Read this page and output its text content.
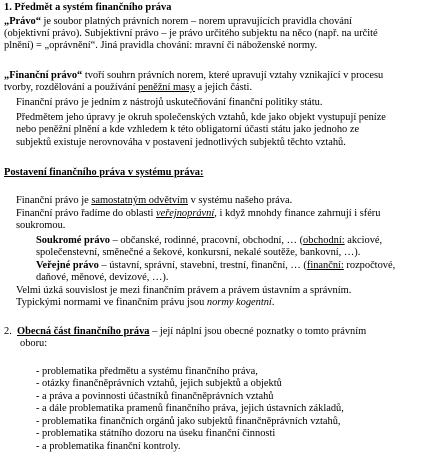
1. Předmět a systém finančního práva
„Právo“ je soubor platných právních norem – norem upravujících pravidla chování
(objektivní právo). Subjektivní právo – je právo určitého subjektu na něco (např. na určité
plnění) = „oprávnění“. Jiná pravidla chování: mravní či náboženské normy.
„Finanční právo“ tvoří souhrn právních norem, které upravují vztahy vznikající v procesu
tvorby, rozdělování a používání peněžní masy a jejich části.
Finanční právo je jedním z nástrojů uskutečňování finanční politiky státu.
Předmětem jeho úpravy je okruh společenských vztahů, kde jako objekt vystupují peníze
nebo peněžní plnění a kde vzhledem k této obligatorní účasti státu jako jednoho ze
subjektů existuje nerovnováha v postavení jednotlivých subjektů těchto vztahů.
Postavení finančního práva v systému práva:
Finanční právo je samostatným odvětvím v systému našeho práva.
Finanční právo řadíme do oblasti veřejnoprávní, i když mnohdy finance zahrnují i sféru
soukromou.
Soukromé právo – občanské, rodinné, pracovní, obchodní, … (obchodní: akciové,
společenstevní, směnečné a šekové, konkursní, nekalé soutěže, bankovní, …).
Veřejné právo – ústavní, správní, stavební, trestní, finanční, … (finanční: rozpočtové,
daňové, měnové, devizové, …).
Velmi úzká souvislost je mezi finančním právem a právem ústavním a správním.
Typickými normami ve finančním právu jsou normy kogentní.
2. Obecná část finančního práva – její náplní jsou obecné poznatky o tomto právním
oboru:
- problematika předmětu a systému finančního práva,
- otázky finančněprávních vztahů, jejich subjektů a objektů
- a práva a povinnosti účastníků finančněprávních vztahů
- a dále problematika pramenů finančního práva, jejich ústavních základů,
- problematika finančních orgánů jako subjektů finančněprávních vztahů,
- problematika státního dozoru na úseku finanční činnosti
- a problematika finanční kontroly.
